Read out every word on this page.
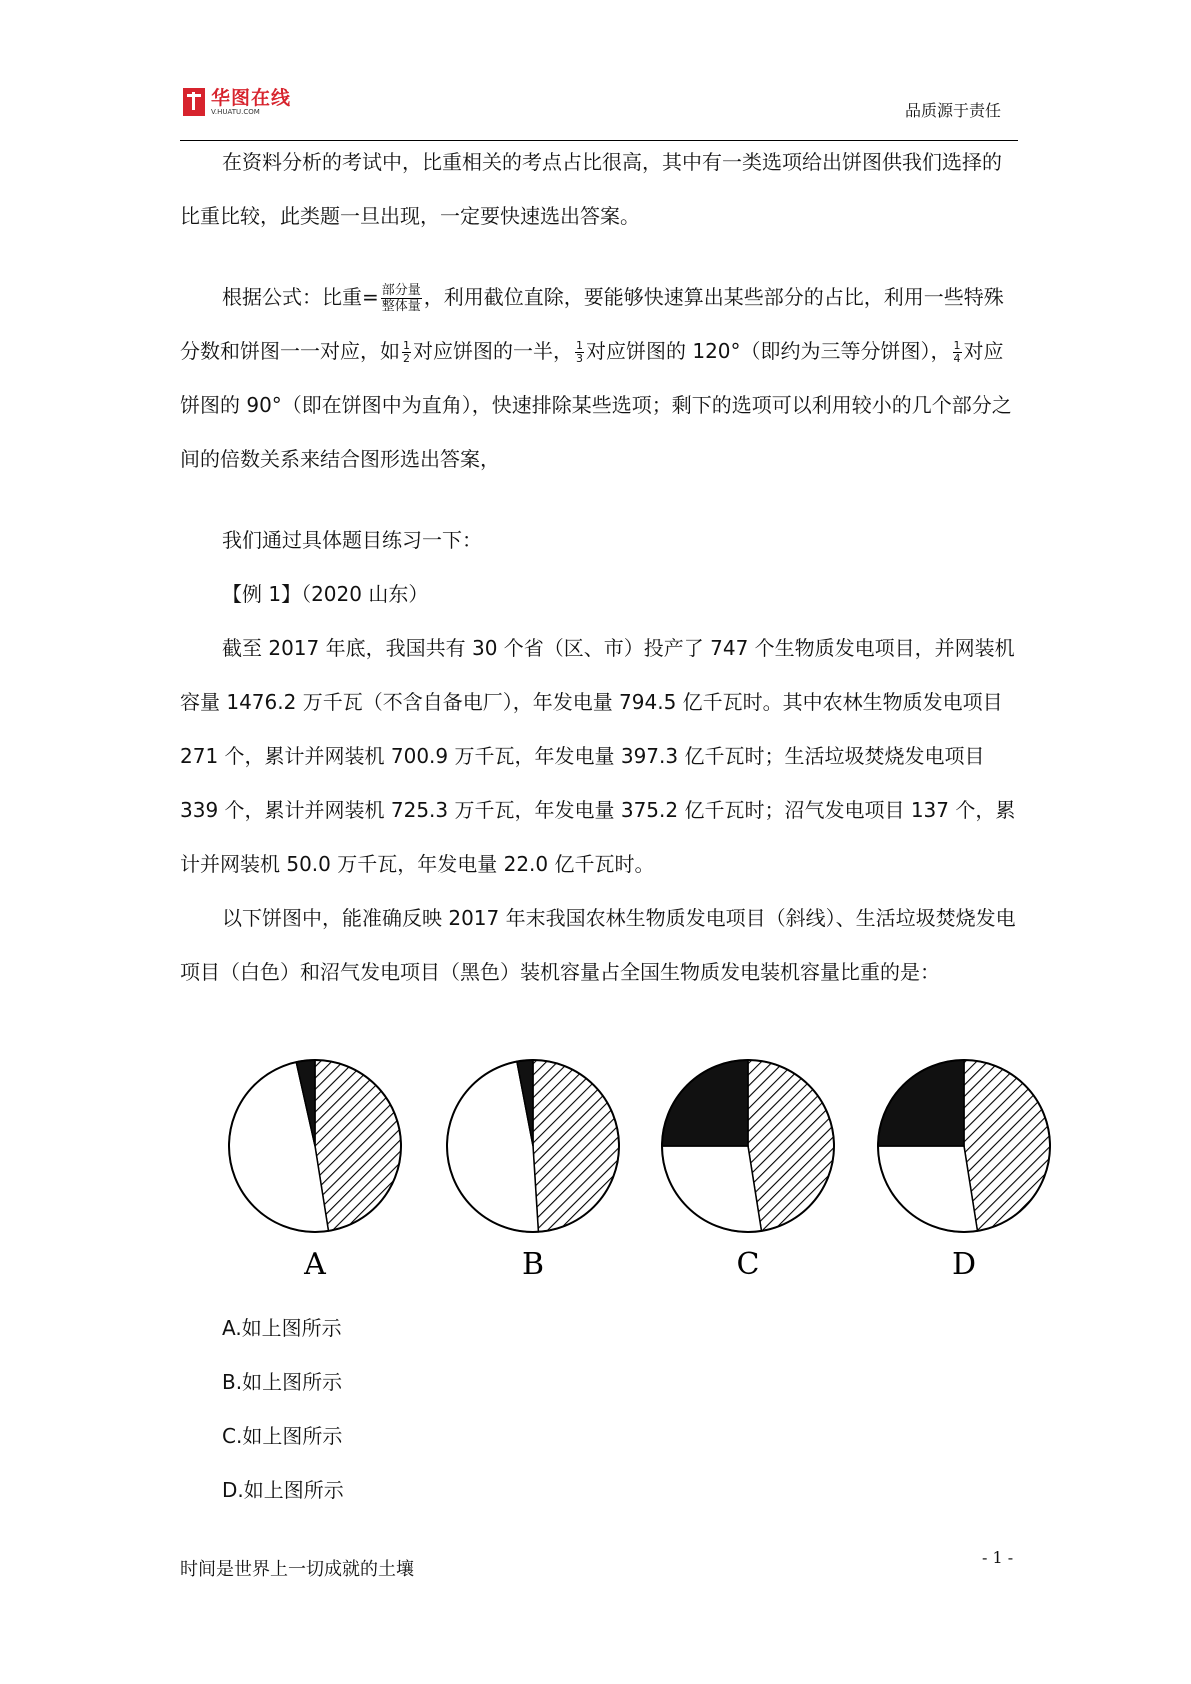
华图在线
V.HUATU.COM	品质源于责任

在资料分析的考试中，比重相关的考点占比很高，其中有一类选项给出饼图供我们选择的比重比较，此类题一旦出现，一定要快速选出答案。

根据公式：比重= $\frac{\text{部分量}}{\text{整体量}}$ ，利用截位直除，要能够快速算出某些部分的占比，利用一些特殊分数和饼图一一对应，如 $\frac{1}{2}$ 对应饼图的一半， $\frac{1}{3}$ 对应饼图的 120°（即约为三等分饼图）， $\frac{1}{4}$ 对应饼图的 90°（即在饼图中为直角），快速排除某些选项；剩下的选项可以利用较小的几个部分之间的倍数关系来结合图形选出答案，

我们通过具体题目练习一下：

【例 1】（2020 山东）

截至 2017 年底，我国共有 30 个省（区、市）投产了 747 个生物质发电项目，并网装机容量 1476.2 万千瓦（不含自备电厂），年发电量 794.5 亿千瓦时。其中农林生物质发电项目 271 个，累计并网装机 700.9 万千瓦，年发电量 397.3 亿千瓦时；生活垃圾焚烧发电项目 339 个，累计并网装机 725.3 万千瓦，年发电量 375.2 亿千瓦时；沼气发电项目 137 个，累计并网装机 50.0 万千瓦，年发电量 22.0 亿千瓦时。

以下饼图中，能准确反映 2017 年末我国农林生物质发电项目（斜线）、生活垃圾焚烧发电项目（白色）和沼气发电项目（黑色）装机容量占全国生物质发电装机容量比重的是：

A	B	C	D
A.如上图所示
B.如上图所示
C.如上图所示
D.如上图所示
时间是世界上一切成就的土壤
- 1 -
